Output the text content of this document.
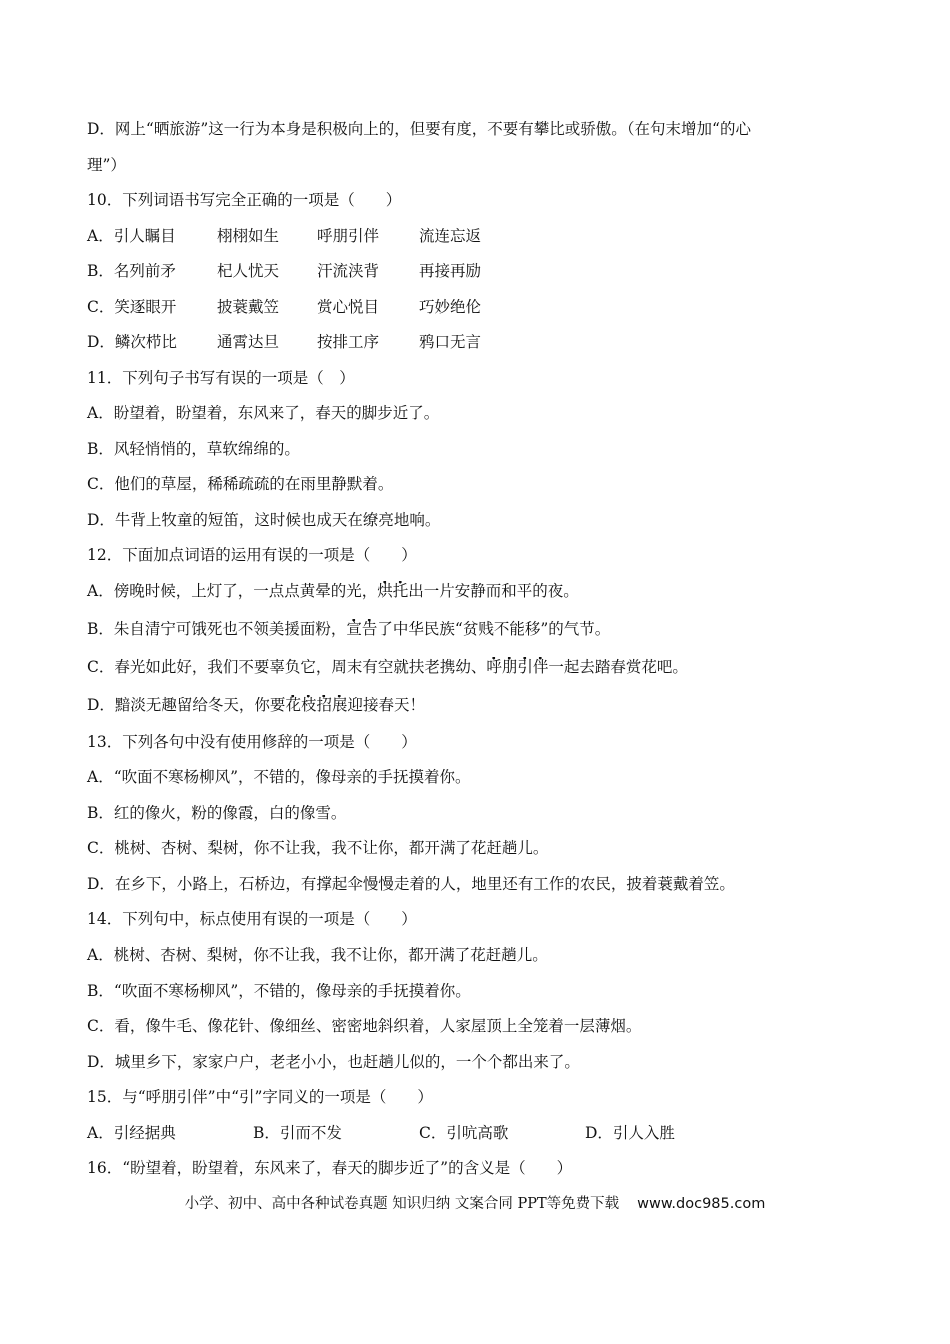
D．网上“晒旅游”这一行为本身是积极向上的，但要有度，不要有攀比或骄傲。（在句末增加“的心
理”）
10．下列词语书写完全正确的一项是（　　）
A．引人瞩目	栩栩如生 呼朋引伴	流连忘返
B．名列前矛	杞人忧天 汗流浃背	再接再励
C．笑逐眼开	披蓑戴笠 赏心悦目	巧妙绝伦
D．鳞次栉比	通霄达旦 按排工序	鸦口无言
11．下列句子书写有误的一项是（　）
A．盼望着，盼望着，东风来了，春天的脚步近了。
B．风轻悄悄的，草软绵绵的。
C．他们的草屋，稀稀疏疏的在雨里静默着。
D．牛背上牧童的短笛，这时候也成天在缭亮地响。
12．下面加点词语的运用有误的一项是（　　）
A．傍晚时候，上灯了，一点点黄晕的光，烘托出一片安静而和平的夜。
B．朱自清宁可饿死也不领美援面粉，宣告了中华民族“贫贱不能移”的气节。
C．春光如此好，我们不要辜负它，周末有空就扶老携幼、呼朋引伴一起去踏春赏花吧。
D．黯淡无趣留给冬天，你要花枝招展迎接春天！
13．下列各句中没有使用修辞的一项是（　　）
A．“吹面不寒杨柳风”，不错的，像母亲的手抚摸着你。
B．红的像火，粉的像霞，白的像雪。
C．桃树、杏树、梨树，你不让我，我不让你，都开满了花赶趟儿。
D．在乡下，小路上，石桥边，有撑起伞慢慢走着的人，地里还有工作的农民，披着蓑戴着笠。
14．下列句中，标点使用有误的一项是（　　）
A．桃树、杏树、梨树，你不让我，我不让你，都开满了花赶趟儿。
B．“吹面不寒杨柳风”，不错的，像母亲的手抚摸着你。
C．看，像牛毛、像花针、像细丝、密密地斜织着，人家屋顶上全笼着一层薄烟。
D．城里乡下，家家户户，老老小小，也赶趟儿似的，一个个都出来了。
15．与“呼朋引伴”中“引”字同义的一项是（　　）
A．引经据典	B．引而不发	C．引吭高歌	D．引人入胜
16．“盼望着，盼望着，东风来了，春天的脚步近了”的含义是（　　）
小学、初中、高中各种试卷真题 知识归纳 文案合同 PPT等免费下载 www.doc985.com
